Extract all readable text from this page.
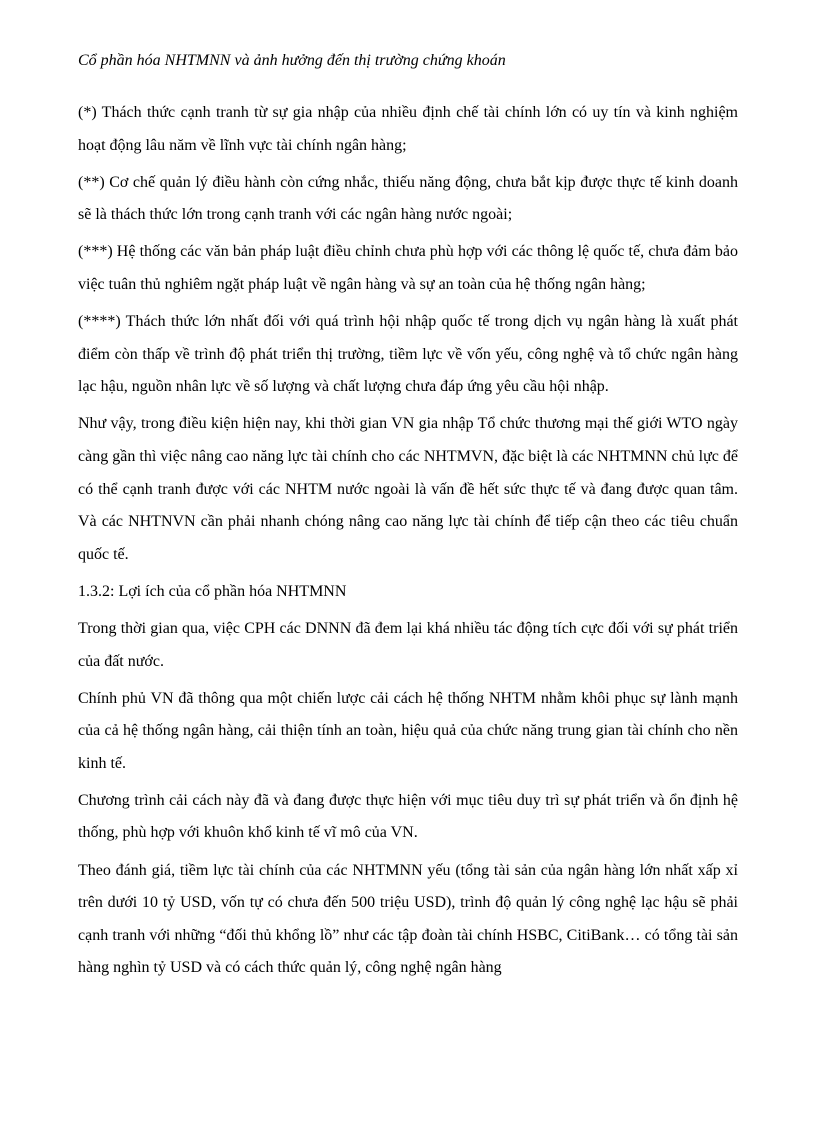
Cổ phần hóa NHTMNN và ảnh hưởng đến thị trường chứng khoán

(*) Thách thức cạnh tranh từ sự gia nhập của nhiều định chế tài chính lớn có uy tín và kinh nghiệm hoạt động lâu năm về lĩnh vực tài chính ngân hàng;

(**) Cơ chế quản lý điều hành còn cứng nhắc, thiếu năng động, chưa bắt kịp được thực tế kinh doanh sẽ là thách thức lớn trong cạnh tranh với các ngân hàng nước ngoài;

(***) Hệ thống các văn bản pháp luật điều chỉnh chưa phù hợp với các thông lệ quốc tế, chưa đảm bảo việc tuân thủ nghiêm ngặt pháp luật về ngân hàng và sự an toàn của hệ thống ngân hàng;

(****) Thách thức lớn nhất đối với quá trình hội nhập quốc tế trong dịch vụ ngân hàng là xuất phát điểm còn thấp về trình độ phát triển thị trường, tiềm lực về vốn yếu, công nghệ và tổ chức ngân hàng lạc hậu, nguồn nhân lực về số lượng và chất lượng chưa đáp ứng yêu cầu hội nhập.

Như vậy, trong điều kiện hiện nay, khi thời gian VN gia nhập Tổ chức thương mại thế giới WTO ngày càng gần thì việc nâng cao năng lực tài chính cho các NHTMVN, đặc biệt là các NHTMNN chủ lực để có thể cạnh tranh được với các NHTM nước ngoài là vấn đề hết sức thực tế và đang được quan tâm. Và các NHTNVN cần phải nhanh chóng nâng cao năng lực tài chính để tiếp cận theo các tiêu chuẩn quốc tế.

1.3.2: Lợi ích của cổ phần hóa NHTMNN

Trong thời gian qua, việc CPH các DNNN đã đem lại khá nhiều tác động tích cực đối với sự phát triển của đất nước.

Chính phủ VN đã thông qua một chiến lược cải cách hệ thống NHTM nhằm khôi phục sự lành mạnh của cả hệ thống ngân hàng, cải thiện tính an toàn, hiệu quả của chức năng trung gian tài chính cho nền kinh tế.

Chương trình cải cách này đã và đang được thực hiện với mục tiêu duy trì sự phát triển và ổn định hệ thống, phù hợp với khuôn khổ kinh tế vĩ mô của VN.

Theo đánh giá, tiềm lực tài chính của các NHTMNN yếu (tổng tài sản của ngân hàng lớn nhất xấp xỉ trên dưới 10 tỷ USD, vốn tự có chưa đến 500 triệu USD), trình độ quản lý công nghệ lạc hậu sẽ phải cạnh tranh với những “đối thủ khổng lồ” như các tập đoàn tài chính HSBC, CitiBank… có tổng tài sản hàng nghìn tỷ USD và có cách thức quản lý, công nghệ ngân hàng
